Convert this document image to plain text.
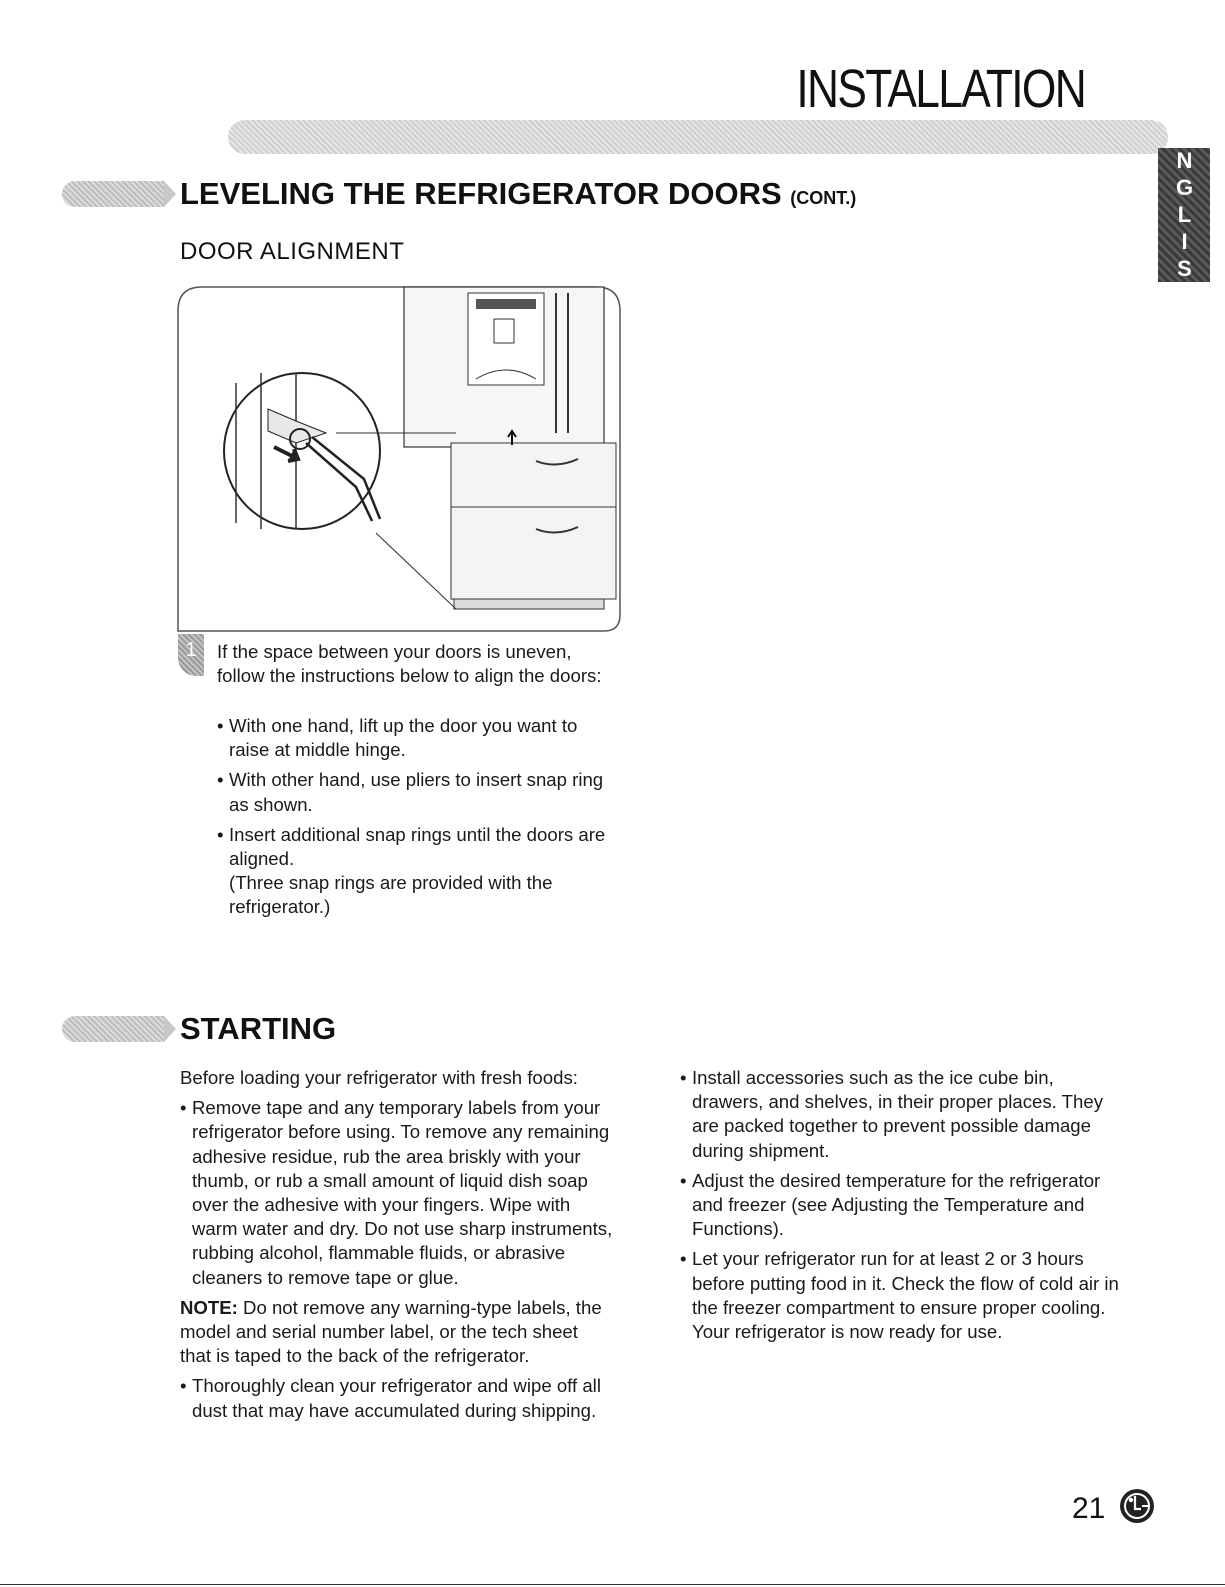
INSTALLATION
ENGLISH
LEVELING THE REFRIGERATOR DOORS (CONT.)
DOOR ALIGNMENT
1	If the space between your doors is uneven, follow the instructions below to align the doors:
• With one hand, lift up the door you want to raise at middle hinge.
• With other hand, use pliers to insert snap ring as shown.
• Insert additional snap rings until the doors are aligned.
(Three snap rings are provided with the refrigerator.)
STARTING
Before loading your refrigerator with fresh foods:
• Remove tape and any temporary labels from your refrigerator before using. To remove any remaining adhesive residue, rub the area briskly with your thumb, or rub a small amount of liquid dish soap over the adhesive with your fingers. Wipe with warm water and dry. Do not use sharp instruments, rubbing alcohol, flammable fluids, or abrasive cleaners to remove tape or glue.
NOTE: Do not remove any warning-type labels, the model and serial number label, or the tech sheet that is taped to the back of the refrigerator.
• Thoroughly clean your refrigerator and wipe off all dust that may have accumulated during shipping.
• Install accessories such as the ice cube bin, drawers, and shelves, in their proper places. They are packed together to prevent possible damage during shipment.
• Adjust the desired temperature for the refrigerator and freezer (see Adjusting the Temperature and Functions).
• Let your refrigerator run for at least 2 or 3 hours before putting food in it. Check the flow of cold air in the freezer compartment to ensure proper cooling. Your refrigerator is now ready for use.
21
